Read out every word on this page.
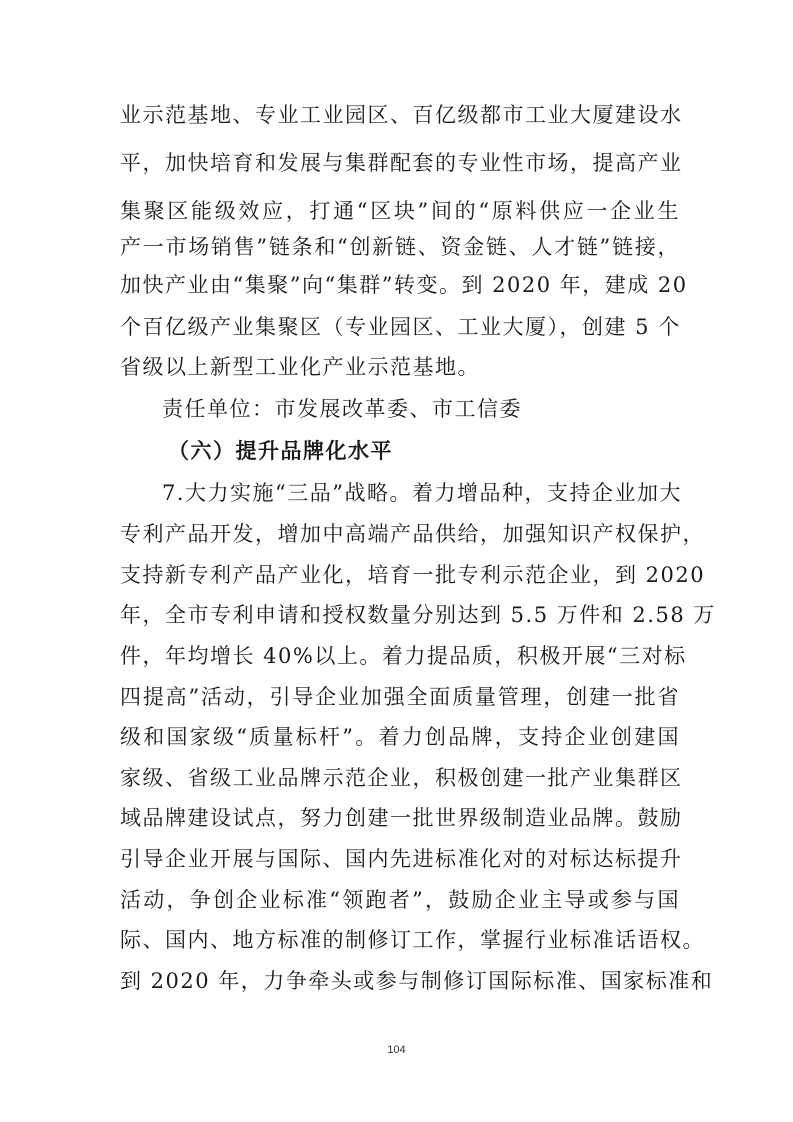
业示范基地、专业工业园区、百亿级都市工业大厦建设水
平，加快培育和发展与集群配套的专业性市场，提高产业
集聚区能级效应，打通“区块”间的“原料供应一企业生
产一市场销售”链条和“创新链、资金链、人才链”链接，
加快产业由“集聚”向“集群”转变。到 2020 年，建成 20
个百亿级产业集聚区（专业园区、工业大厦），创建 5 个
省级以上新型工业化产业示范基地。
责任单位：市发展改革委、市工信委
（六）提升品牌化水平
7.大力实施“三品”战略。着力增品种，支持企业加大
专利产品开发，增加中高端产品供给，加强知识产权保护，
支持新专利产品产业化，培育一批专利示范企业，到 2020
年，全市专利申请和授权数量分别达到 5.5 万件和 2.58 万
件，年均增长 40%以上。着力提品质，积极开展“三对标
四提高”活动，引导企业加强全面质量管理，创建一批省
级和国家级“质量标杆”。着力创品牌，支持企业创建国
家级、省级工业品牌示范企业，积极创建一批产业集群区
域品牌建设试点，努力创建一批世界级制造业品牌。鼓励
引导企业开展与国际、国内先进标准化对的对标达标提升
活动，争创企业标准“领跑者”，鼓励企业主导或参与国
际、国内、地方标准的制修订工作，掌握行业标准话语权。
到 2020 年，力争牵头或参与制修订国际标准、国家标准和
104
